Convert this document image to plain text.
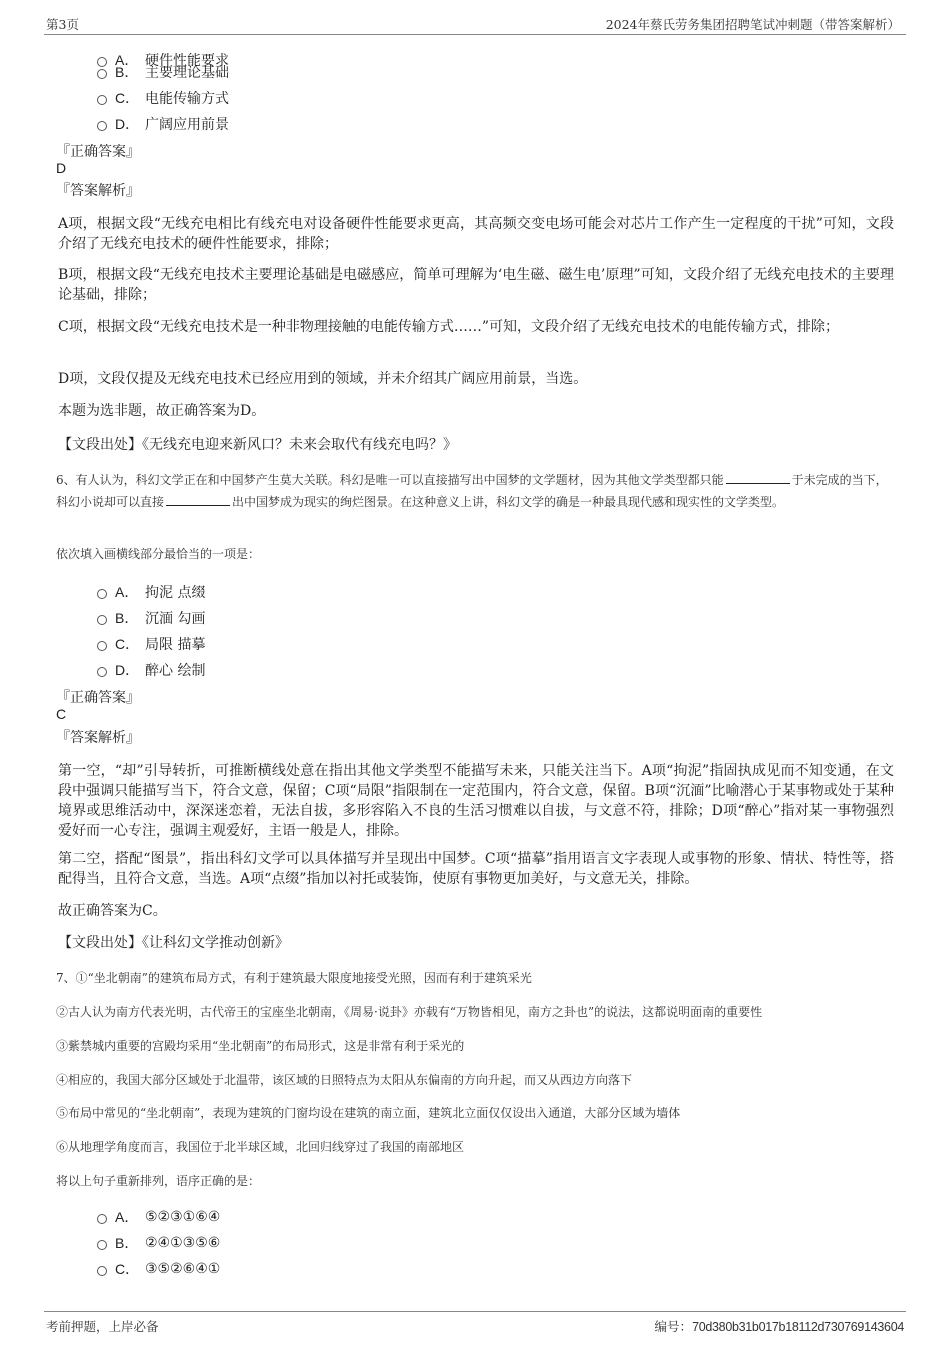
第3页	2024年蔡氏劳务集团招聘笔试冲刺题（带答案解析）
A． 硬件性能要求
B． 主要理论基础
C． 电能传输方式
D． 广阔应用前景
『正确答案』
D
『答案解析』
A项，根据文段“无线充电相比有线充电对设备硬件性能要求更高，其高频交变电场可能会对芯片工作产生一定程度的干扰”可知，文段介绍了无线充电技术的硬件性能要求，排除；
B项，根据文段“无线充电技术主要理论基础是电磁感应，简单可理解为‘电生磁、磁生电’原理”可知，文段介绍了无线充电技术的主要理论基础，排除；
C项，根据文段“无线充电技术是一种非物理接触的电能传输方式……”可知，文段介绍了无线充电技术的电能传输方式，排除；
D项，文段仅提及无线充电技术已经应用到的领域，并未介绍其广阔应用前景，当选。
本题为选非题，故正确答案为D。
【文段出处】《无线充电迎来新风口？未来会取代有线充电吗？》
6、有人认为，科幻文学正在和中国梦产生莫大关联。科幻是唯一可以直接描写出中国梦的文学题材，因为其他文学类型都只能	于未完成的当下，科幻小说却可以直接	出中国梦成为现实的绚烂图景。在这种意义上讲，科幻文学的确是一种最具现代感和现实性的文学类型。
依次填入画横线部分最恰当的一项是：
A． 拘泥 点缀
B． 沉湎 勾画
C． 局限 描摹
D． 醉心 绘制
『正确答案』
C
『答案解析』
第一空，“却”引导转折，可推断横线处意在指出其他文学类型不能描写未来，只能关注当下。A项“拘泥”指固执成见而不知变通，在文段中强调只能描写当下，符合文意，保留；C项“局限”指限制在一定范围内，符合文意，保留。B项“沉湎”比喻潜心于某事物或处于某种境界或思维活动中，深深迷恋着，无法自拔，多形容陷入不良的生活习惯难以自拔，与文意不符，排除；D项“醉心”指对某一事物强烈爱好而一心专注，强调主观爱好，主语一般是人，排除。
第二空，搭配“图景”，指出科幻文学可以具体描写并呈现出中国梦。C项“描摹”指用语言文字表现人或事物的形象、情状、特性等，搭配得当，且符合文意，当选。A项“点缀”指加以衬托或装饰，使原有事物更加美好，与文意无关，排除。
故正确答案为C。
【文段出处】《让科幻文学推动创新》
7、①“坐北朝南”的建筑布局方式，有利于建筑最大限度地接受光照，因而有利于建筑采光
②古人认为南方代表光明，古代帝王的宝座坐北朝南，《周易·说卦》亦载有“万物皆相见，南方之卦也”的说法，这都说明面南的重要性
③紫禁城内重要的宫殿均采用“坐北朝南”的布局形式，这是非常有利于采光的
④相应的，我国大部分区域处于北温带，该区域的日照特点为太阳从东偏南的方向升起，而又从西边方向落下
⑤布局中常见的“坐北朝南”，表现为建筑的门窗均设在建筑的南立面，建筑北立面仅仅设出入通道，大部分区域为墙体
⑥从地理学角度而言，我国位于北半球区域，北回归线穿过了我国的南部地区
将以上句子重新排列，语序正确的是：
A． ⑤②③①⑥④
B． ②④①③⑤⑥
C． ③⑤②⑥④①
考前押题，上岸必备	编号：70d380b31b017b18112d730769143604
